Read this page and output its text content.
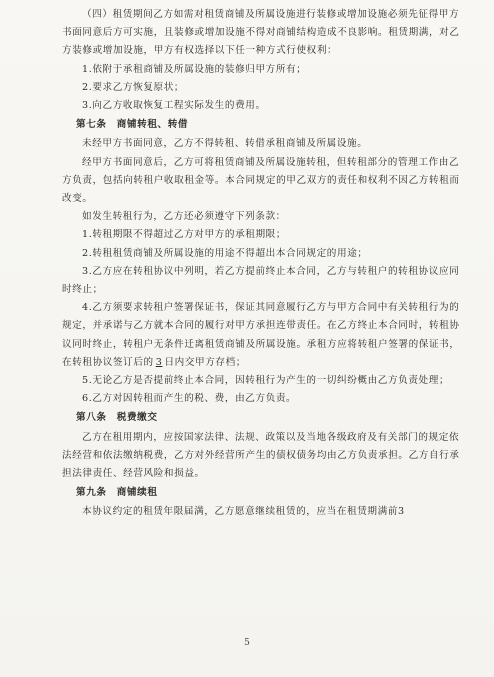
（四）租赁期间乙方如需对租赁商铺及所属设施进行装修或增加设施必须先征得甲方书面同意后方可实施，且装修或增加设施不得对商铺结构造成不良影响。租赁期满，对乙方装修或增加设施，甲方有权选择以下任一种方式行使权利：

1.依附于承租商铺及所属设施的装修归甲方所有；

2.要求乙方恢复原状；

3.向乙方收取恢复工程实际发生的费用。

第七条　商铺转租、转借

未经甲方书面同意，乙方不得转租、转借承租商铺及所属设施。

经甲方书面同意后，乙方可将租赁商铺及所属设施转租，但转租部分的管理工作由乙方负责，包括向转租户收取租金等。本合同规定的甲乙双方的责任和权利不因乙方转租而改变。

如发生转租行为，乙方还必须遵守下列条款：

1.转租期限不得超过乙方对甲方的承租期限；

2.转租租赁商铺及所属设施的用途不得超出本合同规定的用途；

3.乙方应在转租协议中列明，若乙方提前终止本合同，乙方与转租户的转租协议应同时终止；

4.乙方须要求转租户签署保证书，保证其同意履行乙方与甲方合同中有关转租行为的规定，并承诺与乙方就本合同的履行对甲方承担连带责任。在乙方终止本合同时，转租协议同时终止，转租户无条件迁离租赁商铺及所属设施。承租方应将转租户签署的保证书，在转租协议签订后的 3 日内交甲方存档；

5.无论乙方是否提前终止本合同，因转租行为产生的一切纠纷概由乙方负责处理；

6.乙方对因转租而产生的税、费，由乙方负责。

第八条　税费缴交

乙方在租用期内，应按国家法律、法规、政策以及当地各级政府及有关部门的规定依法经营和依法缴纳税费，乙方对外经营所产生的债权债务均由乙方负责承担。乙方自行承担法律责任、经营风险和损益。

第九条　商铺续租

本协议约定的租赁年限届满，乙方愿意继续租赁的，应当在租赁期满前3

5
